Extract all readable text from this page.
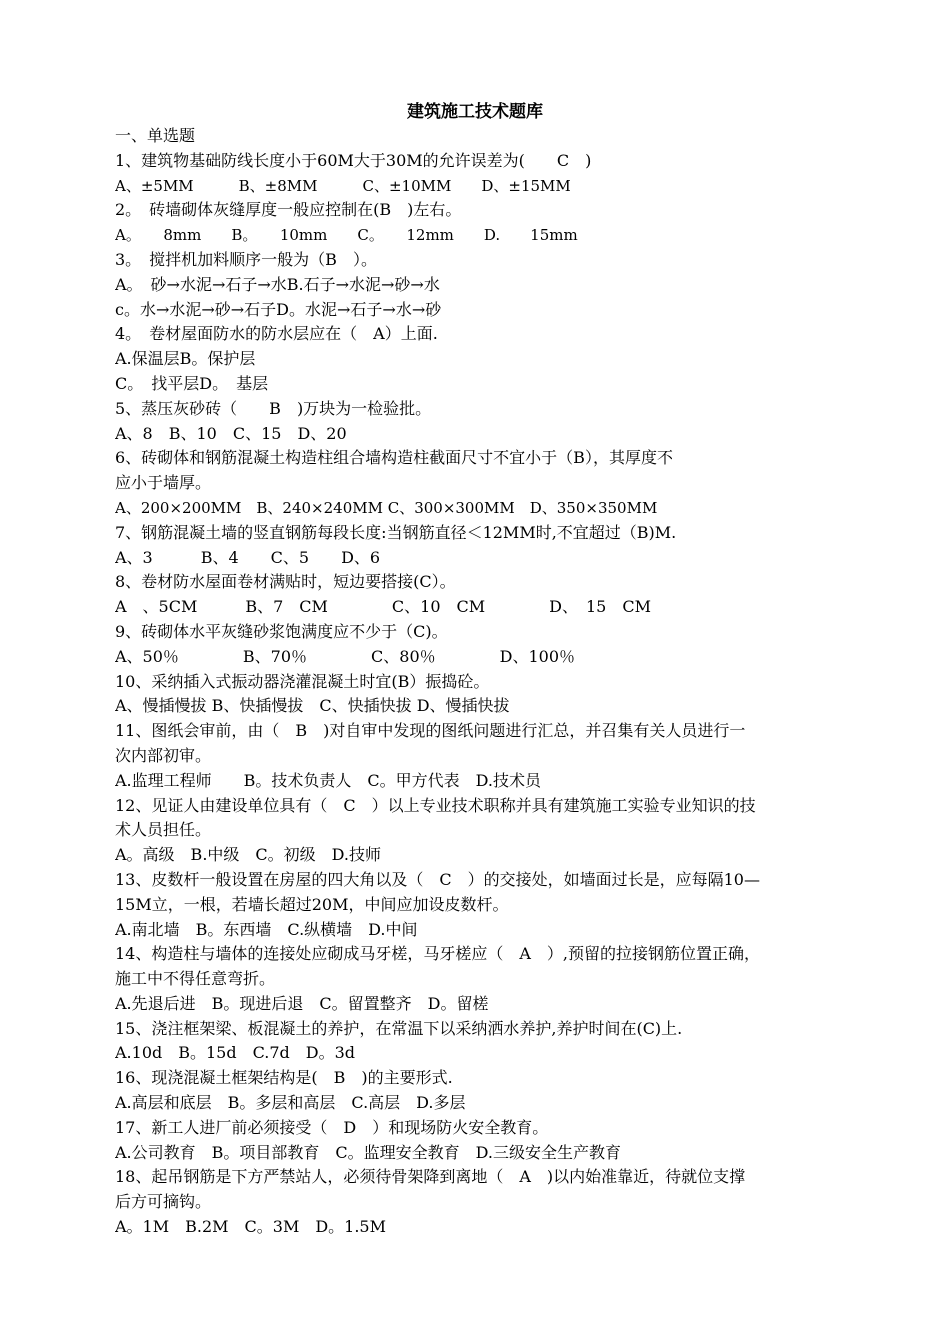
建筑施工技术题库
一、单选题
1、建筑物基础防线长度小于60M大于30M的允许误差为(　　C　)
A、±5MM　　　B、±8MM　　　C、±10MM　　D、±15MM
2。　砖墙砌体灰缝厚度一般应控制在(B　)左右。
A。　　8mm　　B。　　10mm　　C。　　12mm　　D.　　15mm
3。　搅拌机加料顺序一般为（B　）。
A。　砂→水泥→石子→水B.石子→水泥→砂→水
c。水→水泥→砂→石子D。水泥→石子→水→砂
4。　卷材屋面防水的防水层应在（　A）上面.
A.保温层B。保护层
C。　找平层D。　基层
5、蒸压灰砂砖（　　B　)万块为一检验批。
A、8　B、10　C、15　D、20
6、砖砌体和钢筋混凝土构造柱组合墙构造柱截面尺寸不宜小于（B），其厚度不
应小于墙厚。
A、200×200MM　B、240×240MM C、300×300MM　D、350×350MM
7、钢筋混凝土墙的竖直钢筋每段长度:当钢筋直径＜12MM时,不宜超过（B)M.
A、3　　　B、4　　C、5　　D、6
8、卷材防水屋面卷材满贴时，短边要搭接(C）。
A　、5CM　　　B、7　CM　　　　C、10　CM　　　　D、　15　CM
9、砖砌体水平灰缝砂浆饱满度应不少于（C)。
A、50％　　　　B、70％　　　　C、80％　　　　D、100％
10、采纳插入式振动器浇灌混凝土时宜(B）振捣砼。
A、慢插慢拔 B、快插慢拔　C、快插快拔 D、慢插快拔
11、图纸会审前，由（　B　)对自审中发现的图纸问题进行汇总，并召集有关人员进行一
次内部初审。
A.监理工程师　　B。技术负责人　C。甲方代表　D.技术员
12、见证人由建设单位具有（　C　）以上专业技术职称并具有建筑施工实验专业知识的技
术人员担任。
A。高级　B.中级　C。初级　D.技师
13、皮数杆一般设置在房屋的四大角以及（　C　）的交接处，如墙面过长是，应每隔10—
15M立，一根，若墙长超过20M，中间应加设皮数杆。
A.南北墙　B。东西墙　C.纵横墙　D.中间
14、构造柱与墙体的连接处应砌成马牙槎，马牙槎应（　A　）,预留的拉接钢筋位置正确，
施工中不得任意弯折。
A.先退后进　B。现进后退　C。留置整齐　D。留槎
15、浇注框架梁、板混凝土的养护，在常温下以采纳洒水养护,养护时间在(C)上.
A.10d　B。15d　C.7d　D。3d
16、现浇混凝土框架结构是(　B　)的主要形式.
A.高层和底层　B。多层和高层　C.高层　D.多层
17、新工人进厂前必须接受（　D　）和现场防火安全教育。
A.公司教育　B。项目部教育　C。监理安全教育　D.三级安全生产教育
18、起吊钢筋是下方严禁站人，必须待骨架降到离地（　A　)以内始准靠近，待就位支撑
后方可摘钩。
A。1M　B.2M　C。3M　D。1.5M
